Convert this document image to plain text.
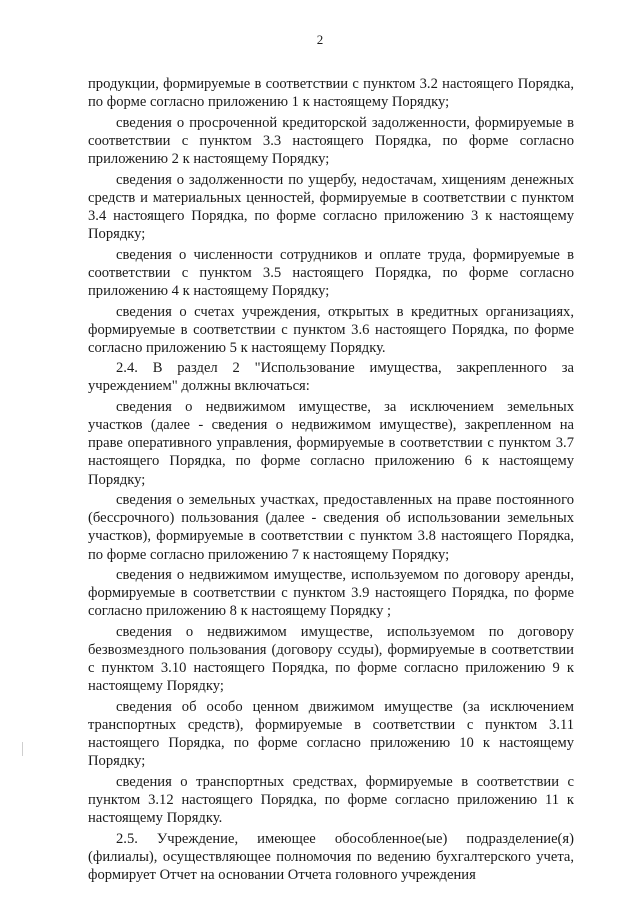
2

продукции, формируемые в соответствии с пунктом 3.2 настоящего Порядка, по форме согласно приложению 1 к настоящему Порядку;

сведения о просроченной кредиторской задолженности, формируемые в соответствии с пунктом 3.3 настоящего Порядка, по форме согласно приложению 2 к настоящему Порядку;

сведения о задолженности по ущербу, недостачам, хищениям денежных средств и материальных ценностей, формируемые в соответствии с пунктом 3.4 настоящего Порядка, по форме согласно приложению 3 к настоящему Порядку;

сведения о численности сотрудников и оплате труда, формируемые в соответствии с пунктом 3.5 настоящего Порядка, по форме согласно приложению 4 к настоящему Порядку;

сведения о счетах учреждения, открытых в кредитных организациях, формируемые в соответствии с пунктом 3.6 настоящего Порядка, по форме согласно приложению 5 к настоящему Порядку.

2.4. В раздел 2 "Использование имущества, закрепленного за учреждением" должны включаться:

сведения о недвижимом имуществе, за исключением земельных участков (далее - сведения о недвижимом имуществе), закрепленном на праве оперативного управления, формируемые в соответствии с пунктом 3.7 настоящего Порядка, по форме согласно приложению 6 к настоящему Порядку;

сведения о земельных участках, предоставленных на праве постоянного (бессрочного) пользования (далее - сведения об использовании земельных участков), формируемые в соответствии с пунктом 3.8 настоящего Порядка, по форме согласно приложению 7 к настоящему Порядку;

сведения о недвижимом имуществе, используемом по договору аренды, формируемые в соответствии с пунктом 3.9 настоящего Порядка, по форме согласно приложению 8 к настоящему Порядку ;

сведения о недвижимом имуществе, используемом по договору безвозмездного пользования (договору ссуды), формируемые в соответствии с пунктом 3.10 настоящего Порядка, по форме согласно приложению 9 к настоящему Порядку;

сведения об особо ценном движимом имуществе (за исключением транспортных средств), формируемые в соответствии с пунктом 3.11 настоящего Порядка, по форме согласно приложению 10 к настоящему Порядку;

сведения о транспортных средствах, формируемые в соответствии с пунктом 3.12 настоящего Порядка, по форме согласно приложению 11 к настоящему Порядку.

2.5. Учреждение, имеющее обособленное(ые) подразделение(я) (филиалы), осуществляющее полномочия по ведению бухгалтерского учета, формирует Отчет на основании Отчета головного учреждения
